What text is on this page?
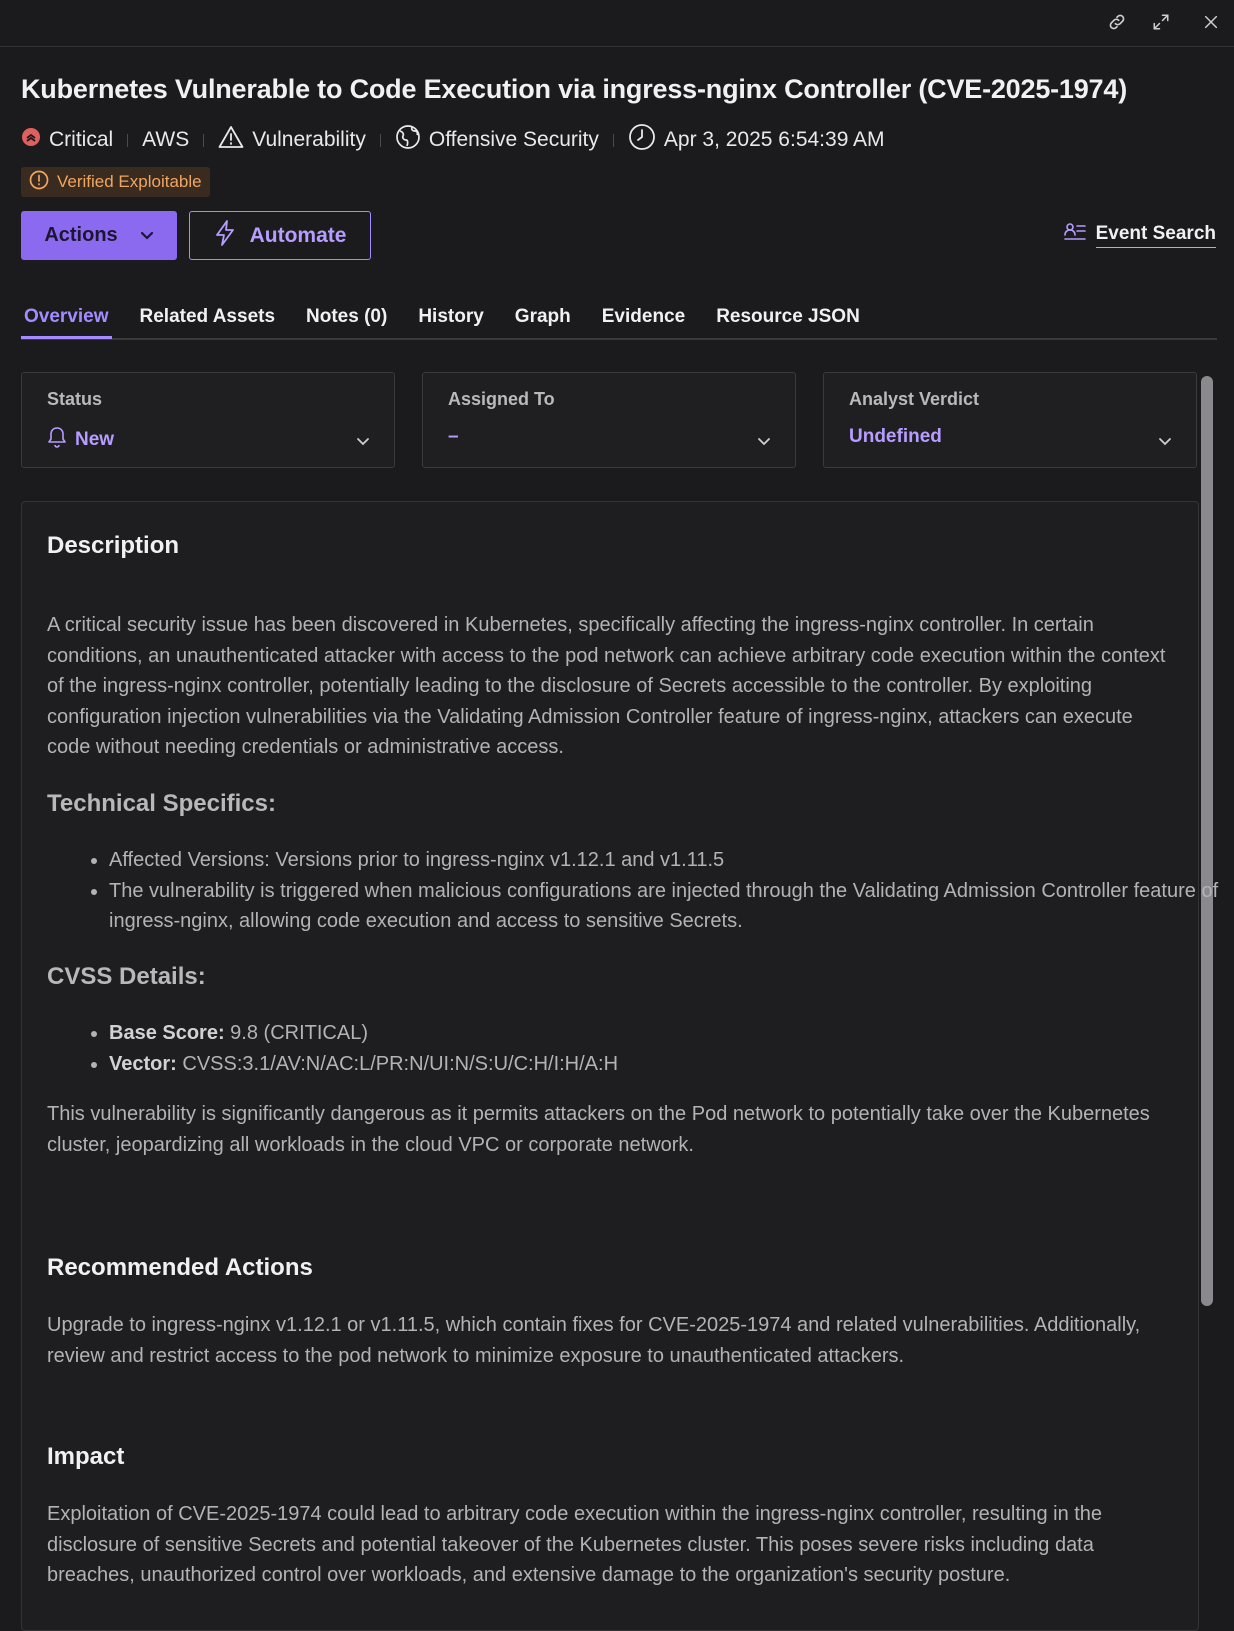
Kubernetes Vulnerable to Code Execution via ingress-nginx Controller (CVE-2025-1974)
Critical AWS	Vulnerability	Offensive Security	Apr 3, 2025 6:54:39 AM
Verified Exploitable
Actions	Automate	Event Search
Overview Related Assets Notes (0) History Graph Evidence Resource JSON
Status
New
Assigned To
–
Analyst Verdict
Undefined
Description

A critical security issue has been discovered in Kubernetes, specifically affecting the ingress-nginx controller. In certain conditions, an unauthenticated attacker with access to the pod network can achieve arbitrary code execution within the context of the ingress-nginx controller, potentially leading to the disclosure of Secrets accessible to the controller. By exploiting configuration injection vulnerabilities via the Validating Admission Controller feature of ingress-nginx, attackers can execute code without needing credentials or administrative access.

Technical Specifics:
• Affected Versions: Versions prior to ingress-nginx v1.12.1 and v1.11.5
• The vulnerability is triggered when malicious configurations are injected through the Validating Admission Controller feature of ingress-nginx, allowing code execution and access to sensitive Secrets.
CVSS Details:
• Base Score: 9.8 (CRITICAL)
• Vector: CVSS:3.1/AV:N/AC:L/PR:N/UI:N/S:U/C:H/I:H/A:H

This vulnerability is significantly dangerous as it permits attackers on the Pod network to potentially take over the Kubernetes cluster, jeopardizing all workloads in the cloud VPC or corporate network.

Recommended Actions

Upgrade to ingress-nginx v1.12.1 or v1.11.5, which contain fixes for CVE-2025-1974 and related vulnerabilities. Additionally, review and restrict access to the pod network to minimize exposure to unauthenticated attackers.

Impact

Exploitation of CVE-2025-1974 could lead to arbitrary code execution within the ingress-nginx controller, resulting in the disclosure of sensitive Secrets and potential takeover of the Kubernetes cluster. This poses severe risks including data breaches, unauthorized control over workloads, and extensive damage to the organization's security posture.
